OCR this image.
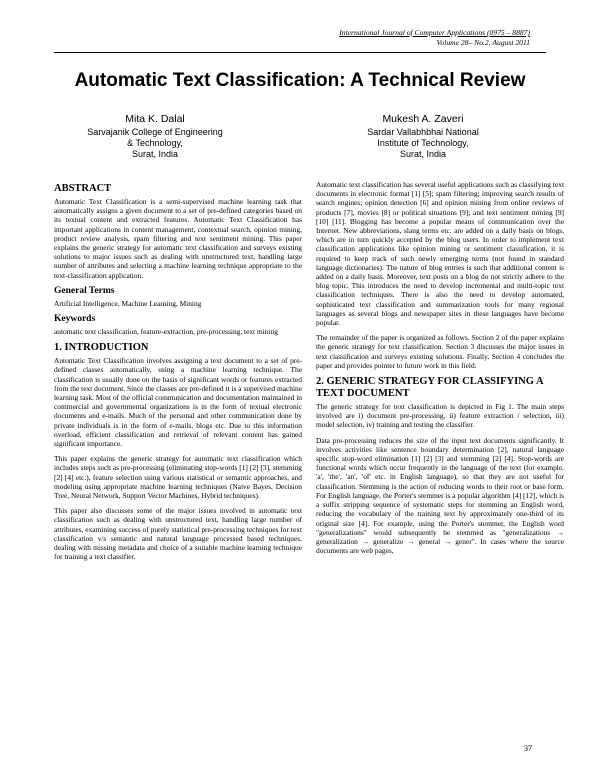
International Journal of Computer Applications (0975 – 8887)
Volume 28– No.2, August 2011
Automatic Text Classification: A Technical Review
Mita K. Dalal
Sarvajanik College of Engineering
& Technology,
Surat, India
Mukesh A. Zaveri
Sardar Vallabhbhai National
Institute of Technology,
Surat, India
ABSTRACT

Automatic Text Classification is a semi-supervised machine learning task that automatically assigns a given document to a set of pre-defined categories based on its textual content and extracted features. Automatic Text Classification has important applications in content management, contextual search, opinion mining, product review analysis, spam filtering and text sentiment mining. This paper explains the generic strategy for automatic text classification and surveys existing solutions to major issues such as dealing with unstructured text, handling large number of attributes and selecting a machine learning technique appropriate to the text-classification application.

General Terms

Artificial Intelligence, Machine Learning, Mining

Keywords

automatic text classification, feature-extraction, pre-processing, text mining

1. INTRODUCTION

Automatic Text Classification involves assigning a text document to a set of pre-defined classes automatically, using a machine learning technique. The classification is usually done on the basis of significant words or features extracted from the text document. Since the classes are pre-defined it is a supervised machine learning task. Most of the official communication and documentation maintained in commercial and governmental organizations is in the form of textual electronic documents and e-mails. Much of the personal and other communication done by private individuals is in the form of e-mails, blogs etc. Due to this information overload, efficient classification and retrieval of relevant content has gained significant importance.

This paper explains the generic strategy for automatic text classification which includes steps such as pre-processing (eliminating stop-words [1] [2] [3], stemming [2] [4] etc.), feature selection using various statistical or semantic approaches, and modeling using appropriate machine learning techniques (Naive Bayes, Decision Tree, Neural Network, Support Vector Machines, Hybrid techniques).

This paper also discusses some of the major issues involved in automatic text classification such as dealing with unstructured text, handling large number of attributes, examining success of purely statistical pre-processing techniques for text classification v/s semantic and natural language processed based techniques, dealing with missing metadata and choice of a suitable machine learning technique for training a text classifier.

Automatic text classification has several useful applications such as classifying text documents in electronic format [1] [5]; spam filtering; improving search results of search engines; opinion detection [6] and opinion mining from online reviews of products [7], movies [8] or political situations [9]; and text sentiment mining [9] [10] [11]. Blogging has become a popular means of communication over the Internet. New abbreviations, slang terms etc. are added on a daily basis on blogs, which are in turn quickly accepted by the blog users. In order to implement text classification applications like opinion mining or sentiment classification, it is required to keep track of such newly emerging terms (not found in standard language dictionaries). The nature of blog entries is such that additional content is added on a daily basis. Moreover, text posts on a blog do not strictly adhere to the blog topic. This introduces the need to develop incremental and multi-topic text classification techniques. There is also the need to develop automated, sophisticated text classification and summarization tools for many regional languages as several blogs and newspaper sites in these languages have become popular.

The remainder of the paper is organized as follows. Section 2 of the paper explains the generic strategy for text classification. Section 3 discusses the major issues in text classification and surveys existing solutions. Finally, Section 4 concludes the paper and provides pointer to future work in this field.

2. GENERIC STRATEGY FOR CLASSIFYING A TEXT DOCUMENT

The generic strategy for text classification is depicted in Fig 1. The main steps involved are i) document pre-processing, ii) feature extraction / selection, iii) model selection, iv) training and testing the classifier.

Data pre-processing reduces the size of the input text documents significantly. It involves activities like sentence boundary determination [2], natural language specific stop-word elimination [1] [2] [3] and stemming [2] [4]. Stop-words are functional words which occur frequently in the language of the text (for example, 'a', 'the', 'an', 'of' etc. in English language), so that they are not useful for classification. Stemming is the action of reducing words to their root or base form. For English language, the Porter's stemmer is a popular algorithm [4] [12], which is a suffix stripping sequence of systematic steps for stemming an English word, reducing the vocabulary of the training text by approximately one-third of its original size [4]. For example, using the Porter's stemmer, the English word "generalizations" would subsequently be stemmed as "generalizations → generalization → generalize → general → gener". In cases where the source documents are web pages,

37
